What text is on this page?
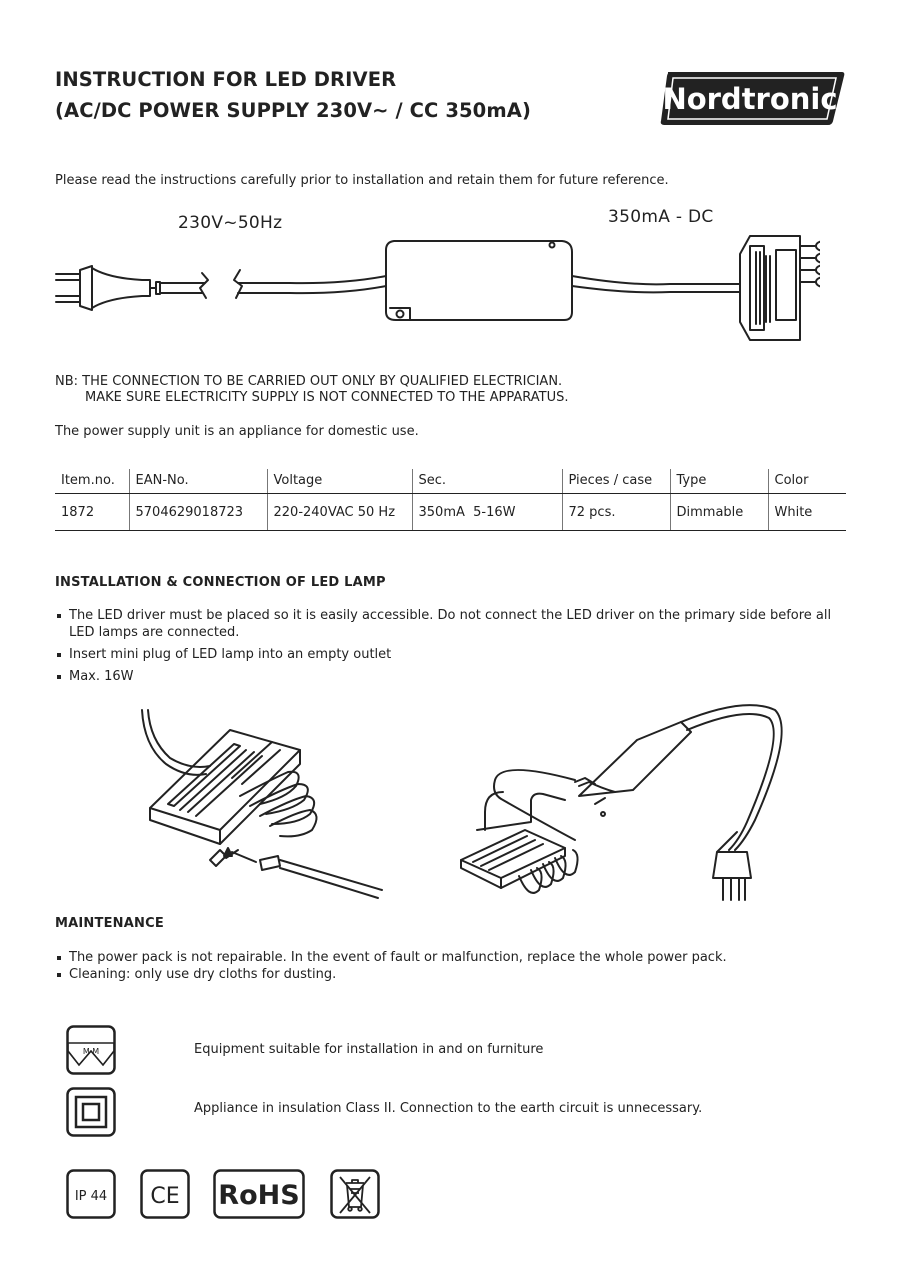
INSTRUCTION FOR LED DRIVER
(AC/DC POWER SUPPLY 230V~ / CC 350mA)	Nordtronic
Please read the instructions carefully prior to installation and retain them for future reference.
230V~50Hz	350mA - DC
NB: THE CONNECTION TO BE CARRIED OUT ONLY BY QUALIFIED ELECTRICIAN.
MAKE SURE ELECTRICITY SUPPLY IS NOT CONNECTED TO THE APPARATUS.
The power supply unit is an appliance for domestic use.
Item.no.	EAN-No.	Voltage	Sec.	Pieces / case	Type	Color
1872	5704629018723	220-240VAC 50 Hz	350mA  5-16W	72 pcs.	Dimmable	White
INSTALLATION & CONNECTION OF LED LAMP
The LED driver must be placed so it is easily accessible. Do not connect the LED driver on the primary side before all LED lamps are connected.
Insert mini plug of LED lamp into an empty outlet
Max. 16W
MAINTENANCE
The power pack is not repairable. In the event of fault or malfunction, replace the whole power pack.
Cleaning: only use dry cloths for dusting.
M M	Equipment suitable for installation in and on furniture
Appliance in insulation Class II. Connection to the earth circuit is unnecessary.
IP 44 CE RoHS
